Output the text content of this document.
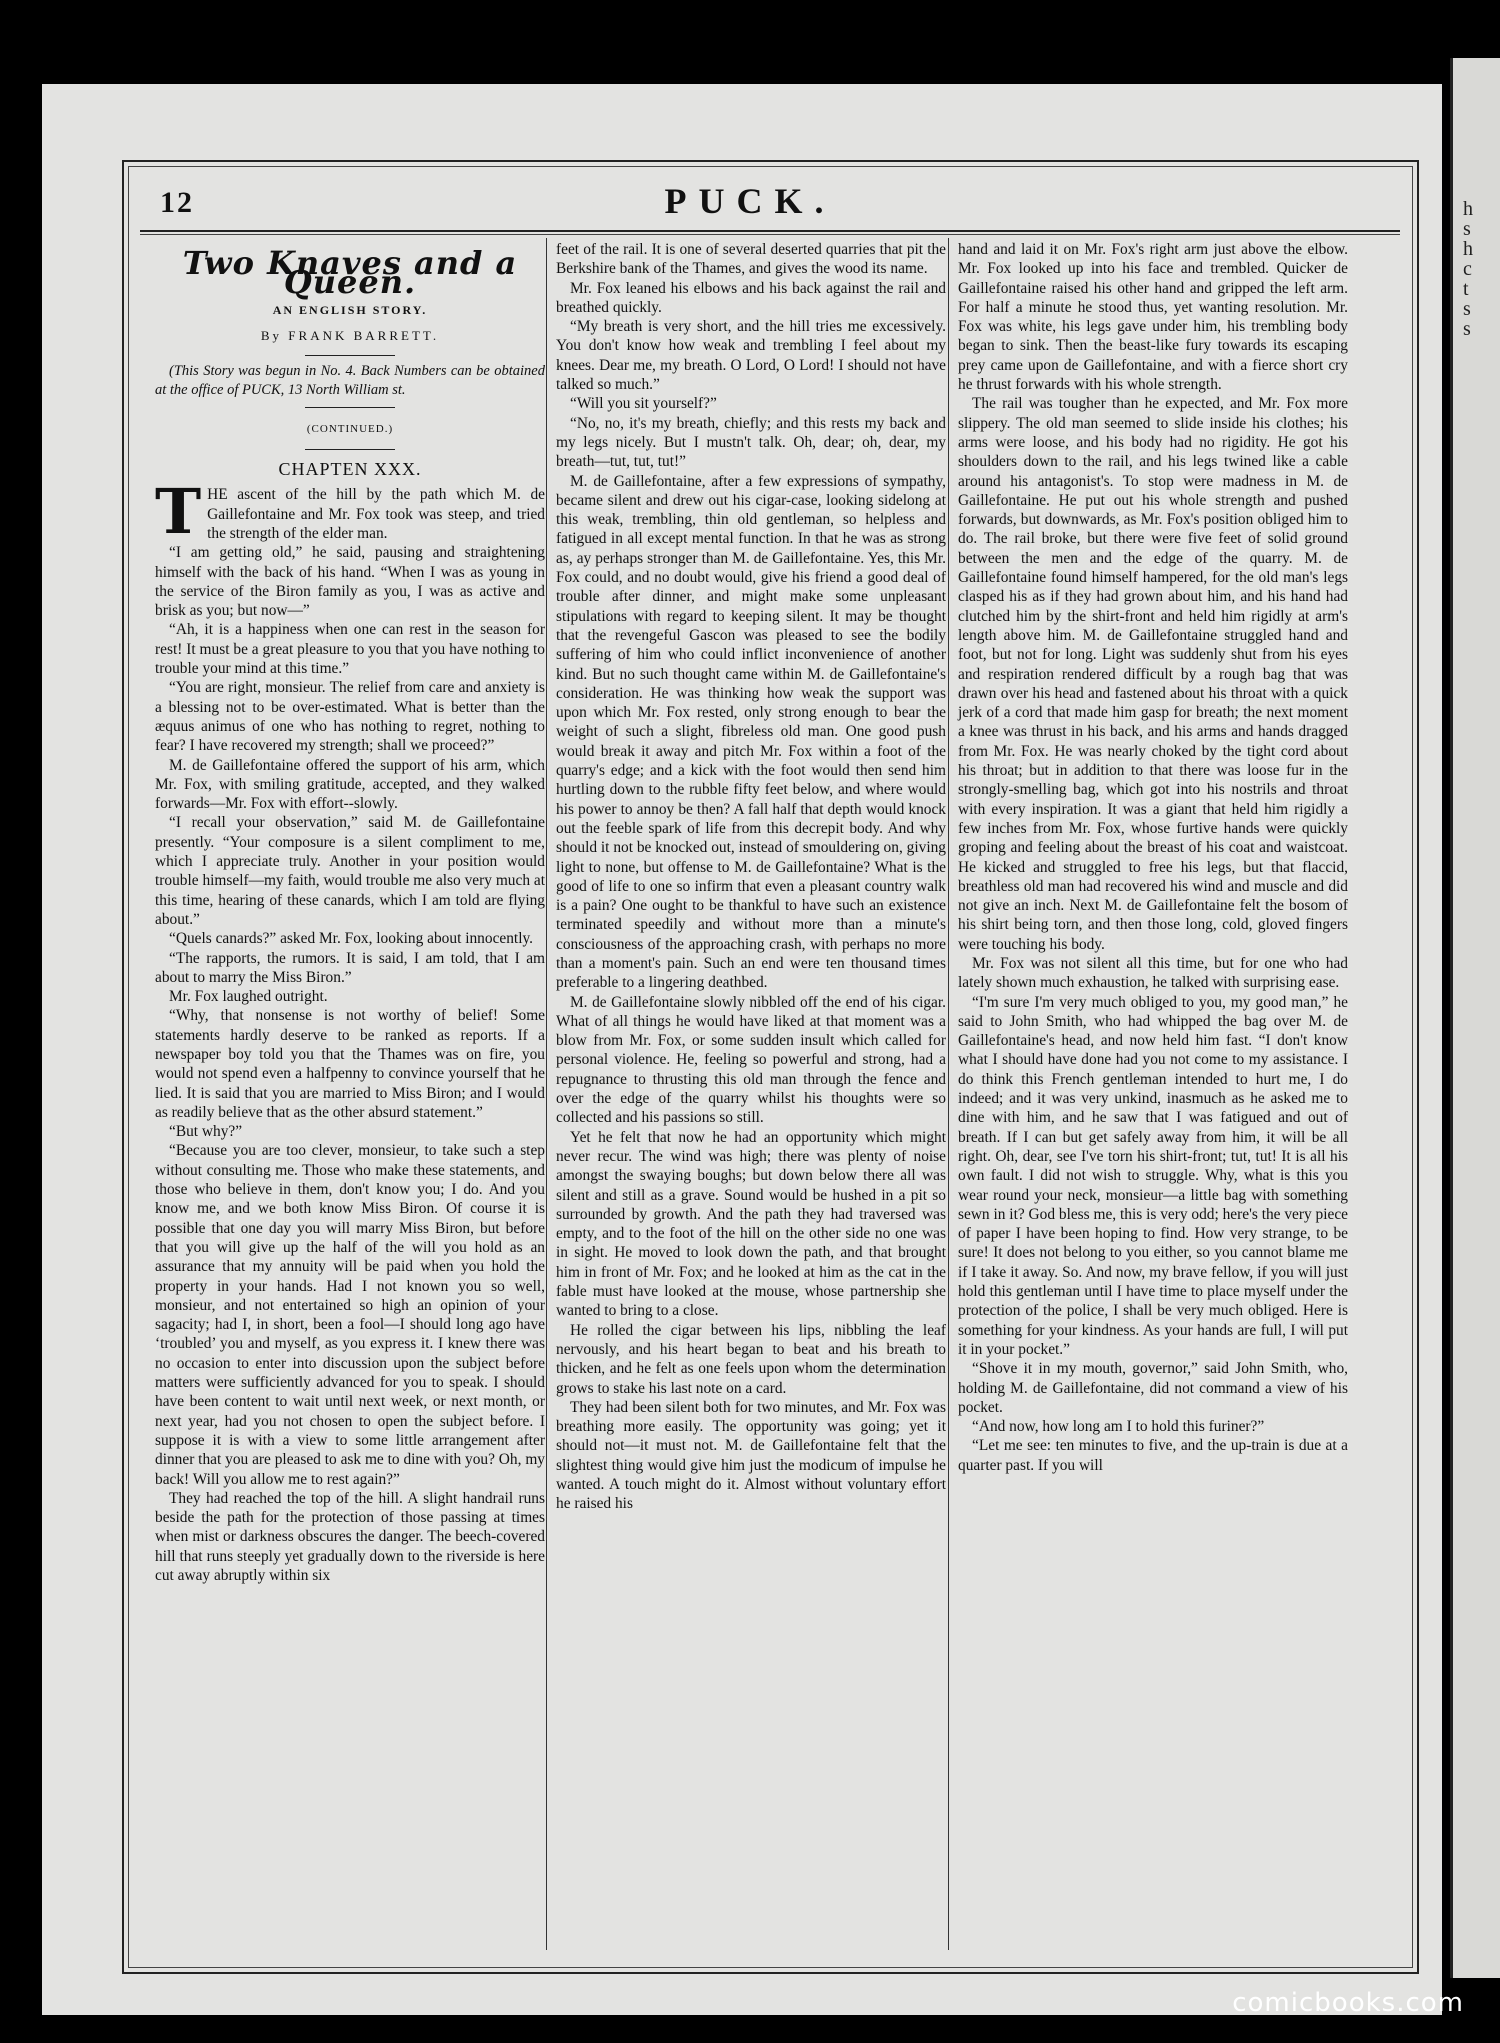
h
s
h
c
t
s
s
12	PUCK.
Two Knaves and a Queen.
AN ENGLISH STORY.
By FRANK BARRETT.

(This Story was begun in No. 4. Back Numbers can be obtained at the office of PUCK, 13 North William st.

(CONTINUED.)
CHAPTEN XXX.
T HE ascent of the hill by the path which M. de Gaillefontaine and Mr. Fox took was steep, and tried the strength of the elder man.

“I am getting old,” he said, pausing and straightening himself with the back of his hand. “When I was as young in the service of the Biron family as you, I was as active and brisk as you; but now—”

“Ah, it is a happiness when one can rest in the season for rest! It must be a great pleasure to you that you have nothing to trouble your mind at this time.”

“You are right, monsieur. The relief from care and anxiety is a blessing not to be over-estimated. What is better than the æquus animus of one who has nothing to regret, nothing to fear? I have recovered my strength; shall we proceed?”

M. de Gaillefontaine offered the support of his arm, which Mr. Fox, with smiling gratitude, accepted, and they walked forwards—Mr. Fox with effort--slowly.

“I recall your observation,” said M. de Gaillefontaine presently. “Your composure is a silent compliment to me, which I appreciate truly. Another in your position would trouble himself—my faith, would trouble me also very much at this time, hearing of these canards, which I am told are flying about.”

“Quels canards?” asked Mr. Fox, looking about innocently.

“The rapports, the rumors. It is said, I am told, that I am about to marry the Miss Biron.”

Mr. Fox laughed outright.

“Why, that nonsense is not worthy of belief! Some statements hardly deserve to be ranked as reports. If a newspaper boy told you that the Thames was on fire, you would not spend even a halfpenny to convince yourself that he lied. It is said that you are married to Miss Biron; and I would as readily believe that as the other absurd statement.”

“But why?”

“Because you are too clever, monsieur, to take such a step without consulting me. Those who make these statements, and those who believe in them, don't know you; I do. And you know me, and we both know Miss Biron. Of course it is possible that one day you will marry Miss Biron, but before that you will give up the half of the will you hold as an assurance that my annuity will be paid when you hold the property in your hands. Had I not known you so well, monsieur, and not entertained so high an opinion of your sagacity; had I, in short, been a fool—I should long ago have ‘troubled’ you and myself, as you express it. I knew there was no occasion to enter into discussion upon the subject before matters were sufficiently advanced for you to speak. I should have been content to wait until next week, or next month, or next year, had you not chosen to open the subject before. I suppose it is with a view to some little arrangement after dinner that you are pleased to ask me to dine with you? Oh, my back! Will you allow me to rest again?”

They had reached the top of the hill. A slight handrail runs beside the path for the protection of those passing at times when mist or darkness obscures the danger. The beech-covered hill that runs steeply yet gradually down to the riverside is here cut away abruptly within six

feet of the rail. It is one of several deserted quarries that pit the Berkshire bank of the Thames, and gives the wood its name.

Mr. Fox leaned his elbows and his back against the rail and breathed quickly.

“My breath is very short, and the hill tries me excessively. You don't know how weak and trembling I feel about my knees. Dear me, my breath. O Lord, O Lord! I should not have talked so much.”

“Will you sit yourself?”

“No, no, it's my breath, chiefly; and this rests my back and my legs nicely. But I mustn't talk. Oh, dear; oh, dear, my breath—tut, tut, tut!”

M. de Gaillefontaine, after a few expressions of sympathy, became silent and drew out his cigar-case, looking sidelong at this weak, trembling, thin old gentleman, so helpless and fatigued in all except mental function. In that he was as strong as, ay perhaps stronger than M. de Gaillefontaine. Yes, this Mr. Fox could, and no doubt would, give his friend a good deal of trouble after dinner, and might make some unpleasant stipulations with regard to keeping silent. It may be thought that the revengeful Gascon was pleased to see the bodily suffering of him who could inflict inconvenience of another kind. But no such thought came within M. de Gaillefontaine's consideration. He was thinking how weak the support was upon which Mr. Fox rested, only strong enough to bear the weight of such a slight, fibreless old man. One good push would break it away and pitch Mr. Fox within a foot of the quarry's edge; and a kick with the foot would then send him hurtling down to the rubble fifty feet below, and where would his power to annoy be then? A fall half that depth would knock out the feeble spark of life from this decrepit body. And why should it not be knocked out, instead of smouldering on, giving light to none, but offense to M. de Gaillefontaine? What is the good of life to one so infirm that even a pleasant country walk is a pain? One ought to be thankful to have such an existence terminated speedily and without more than a minute's consciousness of the approaching crash, with perhaps no more than a moment's pain. Such an end were ten thousand times preferable to a lingering deathbed.

M. de Gaillefontaine slowly nibbled off the end of his cigar. What of all things he would have liked at that moment was a blow from Mr. Fox, or some sudden insult which called for personal violence. He, feeling so powerful and strong, had a repugnance to thrusting this old man through the fence and over the edge of the quarry whilst his thoughts were so collected and his passions so still.

Yet he felt that now he had an opportunity which might never recur. The wind was high; there was plenty of noise amongst the swaying boughs; but down below there all was silent and still as a grave. Sound would be hushed in a pit so surrounded by growth. And the path they had traversed was empty, and to the foot of the hill on the other side no one was in sight. He moved to look down the path, and that brought him in front of Mr. Fox; and he looked at him as the cat in the fable must have looked at the mouse, whose partnership she wanted to bring to a close.

He rolled the cigar between his lips, nibbling the leaf nervously, and his heart began to beat and his breath to thicken, and he felt as one feels upon whom the determination grows to stake his last note on a card.

They had been silent both for two minutes, and Mr. Fox was breathing more easily. The opportunity was going; yet it should not—it must not. M. de Gaillefontaine felt that the slightest thing would give him just the modicum of impulse he wanted. A touch might do it. Almost without voluntary effort he raised his

hand and laid it on Mr. Fox's right arm just above the elbow. Mr. Fox looked up into his face and trembled. Quicker de Gaillefontaine raised his other hand and gripped the left arm. For half a minute he stood thus, yet wanting resolution. Mr. Fox was white, his legs gave under him, his trembling body began to sink. Then the beast-like fury towards its escaping prey came upon de Gaillefontaine, and with a fierce short cry he thrust forwards with his whole strength.

The rail was tougher than he expected, and Mr. Fox more slippery. The old man seemed to slide inside his clothes; his arms were loose, and his body had no rigidity. He got his shoulders down to the rail, and his legs twined like a cable around his antagonist's. To stop were madness in M. de Gaillefontaine. He put out his whole strength and pushed forwards, but downwards, as Mr. Fox's position obliged him to do. The rail broke, but there were five feet of solid ground between the men and the edge of the quarry. M. de Gaillefontaine found himself hampered, for the old man's legs clasped his as if they had grown about him, and his hand had clutched him by the shirt-front and held him rigidly at arm's length above him. M. de Gaillefontaine struggled hand and foot, but not for long. Light was suddenly shut from his eyes and respiration rendered difficult by a rough bag that was drawn over his head and fastened about his throat with a quick jerk of a cord that made him gasp for breath; the next moment a knee was thrust in his back, and his arms and hands dragged from Mr. Fox. He was nearly choked by the tight cord about his throat; but in addition to that there was loose fur in the strongly-smelling bag, which got into his nostrils and throat with every inspiration. It was a giant that held him rigidly a few inches from Mr. Fox, whose furtive hands were quickly groping and feeling about the breast of his coat and waistcoat. He kicked and struggled to free his legs, but that flaccid, breathless old man had recovered his wind and muscle and did not give an inch. Next M. de Gaillefontaine felt the bosom of his shirt being torn, and then those long, cold, gloved fingers were touching his body.

Mr. Fox was not silent all this time, but for one who had lately shown much exhaustion, he talked with surprising ease.

“I'm sure I'm very much obliged to you, my good man,” he said to John Smith, who had whipped the bag over M. de Gaillefontaine's head, and now held him fast. “I don't know what I should have done had you not come to my assistance. I do think this French gentleman intended to hurt me, I do indeed; and it was very unkind, inasmuch as he asked me to dine with him, and he saw that I was fatigued and out of breath. If I can but get safely away from him, it will be all right. Oh, dear, see I've torn his shirt-front; tut, tut! It is all his own fault. I did not wish to struggle. Why, what is this you wear round your neck, monsieur—a little bag with something sewn in it? God bless me, this is very odd; here's the very piece of paper I have been hoping to find. How very strange, to be sure! It does not belong to you either, so you cannot blame me if I take it away. So. And now, my brave fellow, if you will just hold this gentleman until I have time to place myself under the protection of the police, I shall be very much obliged. Here is something for your kindness. As your hands are full, I will put it in your pocket.”

“Shove it in my mouth, governor,” said John Smith, who, holding M. de Gaillefontaine, did not command a view of his pocket.

“And now, how long am I to hold this furiner?”

“Let me see: ten minutes to five, and the up-train is due at a quarter past. If you will

comicbooks.com
